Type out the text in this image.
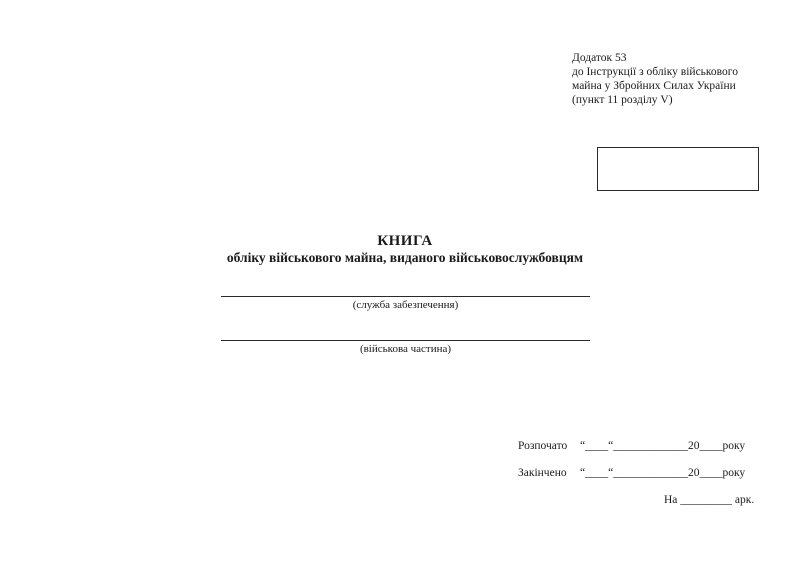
Додаток 53
до Інструкції з обліку військового
майна у Збройних Силах України
(пункт 11 розділу V)
КНИГА
обліку військового майна, виданого військовослужбовцям
(служба забезпечення)
(військова частина)
Розпочато “____“_____________20____року
Закінчено “____“_____________20____року
На _________ арк.
